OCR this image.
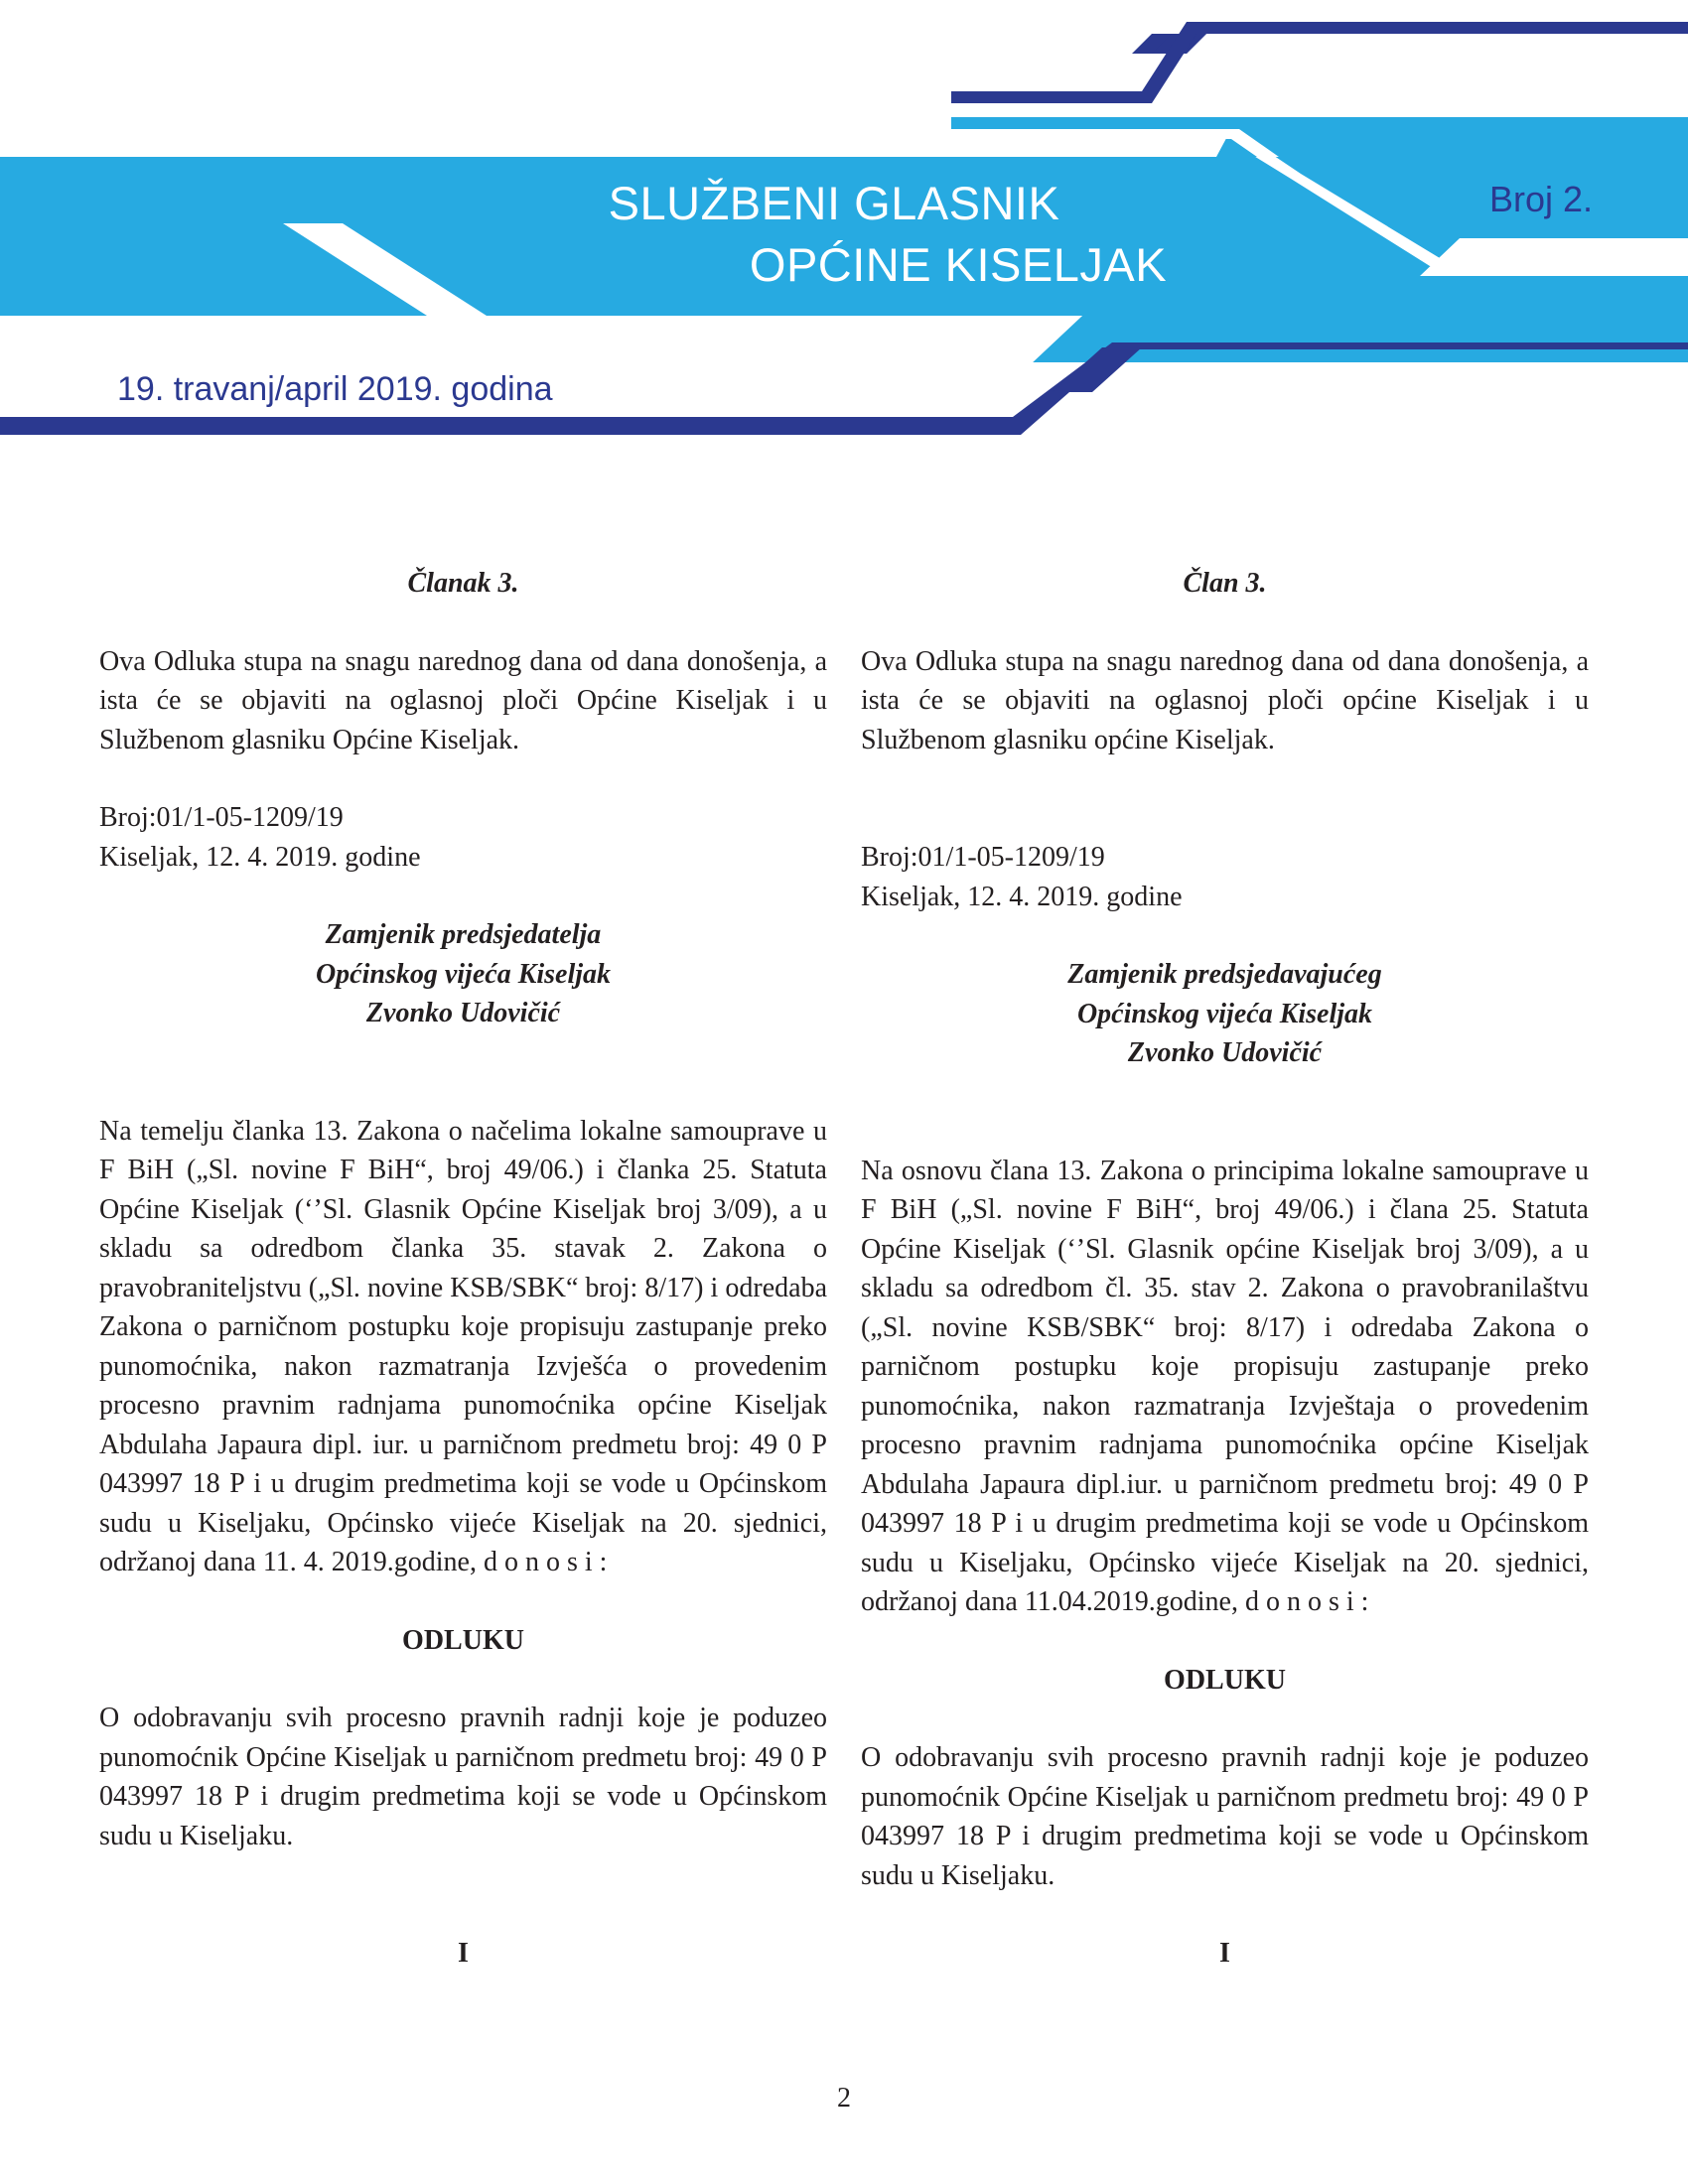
SLUŽBENI GLASNIK
OPĆINE KISELJAK
Broj 2.
19. travanj/april 2019. godina

Članak 3.

Ova Odluka stupa na snagu narednog dana od dana donošenja, a ista će se objaviti na oglasnoj ploči Općine Kiseljak i u Službenom glasniku Općine Kiseljak.

Broj:01/1-05-1209/19

Kiseljak, 12. 4. 2019. godine

Zamjenik predsjedatelja

Općinskog vijeća Kiseljak

Zvonko Udovičić

Na temelju članka 13. Zakona o načelima lokalne samouprave u F BiH („Sl. novine F BiH“, broj 49/06.) i članka 25. Statuta Općine Kiseljak (‘’Sl. Glasnik Općine Kiseljak broj 3/09), a u skladu sa odredbom članka 35. stavak 2. Zakona o pravobraniteljstvu („Sl. novine KSB/SBK“ broj: 8/17) i odredaba Zakona o parničnom postupku koje propisuju zastupanje preko punomoćnika, nakon razmatranja Izvješća o provedenim procesno pravnim radnjama punomoćnika općine Kiseljak Abdulaha Japaura dipl. iur. u parničnom predmetu broj: 49 0 P 043997 18 P i u drugim predmetima koji se vode u Općinskom sudu u Kiseljaku, Općinsko vijeće Kiseljak na 20. sjednici, održanoj dana 11. 4. 2019.godine, d o n o s i :

ODLUKU

O odobravanju svih procesno pravnih radnji koje je poduzeo punomoćnik Općine Kiseljak u parničnom predmetu broj: 49 0 P 043997 18 P i drugim predmetima koji se vode u Općinskom sudu u Kiseljaku.

I

Član 3.

Ova Odluka stupa na snagu narednog dana od dana donošenja, a ista će se objaviti na oglasnoj ploči općine Kiseljak i u Službenom glasniku općine Kiseljak.

Broj:01/1-05-1209/19

Kiseljak, 12. 4. 2019. godine

Zamjenik predsjedavajućeg

Općinskog vijeća Kiseljak

Zvonko Udovičić

Na osnovu člana 13. Zakona o principima lokalne samouprave u F BiH („Sl. novine F BiH“, broj 49/06.) i člana 25. Statuta Općine Kiseljak (‘’Sl. Glasnik općine Kiseljak broj 3/09), a u skladu sa odredbom čl. 35. stav 2. Zakona o pravobranilaštvu („Sl. novine KSB/SBK“ broj: 8/17) i odredaba Zakona o parničnom postupku koje propisuju zastupanje preko punomoćnika, nakon razmatranja Izvještaja o provedenim procesno pravnim radnjama punomoćnika općine Kiseljak Abdulaha Japaura dipl.iur. u parničnom predmetu broj: 49 0 P 043997 18 P i u drugim predmetima koji se vode u Općinskom sudu u Kiseljaku, Općinsko vijeće Kiseljak na 20. sjednici, održanoj dana 11.04.2019.godine, d o n o s i :

ODLUKU

O odobravanju svih procesno pravnih radnji koje je poduzeo punomoćnik Općine Kiseljak u parničnom predmetu broj: 49 0 P 043997 18 P i drugim predmetima koji se vode u Općinskom sudu u Kiseljaku.

I

2
